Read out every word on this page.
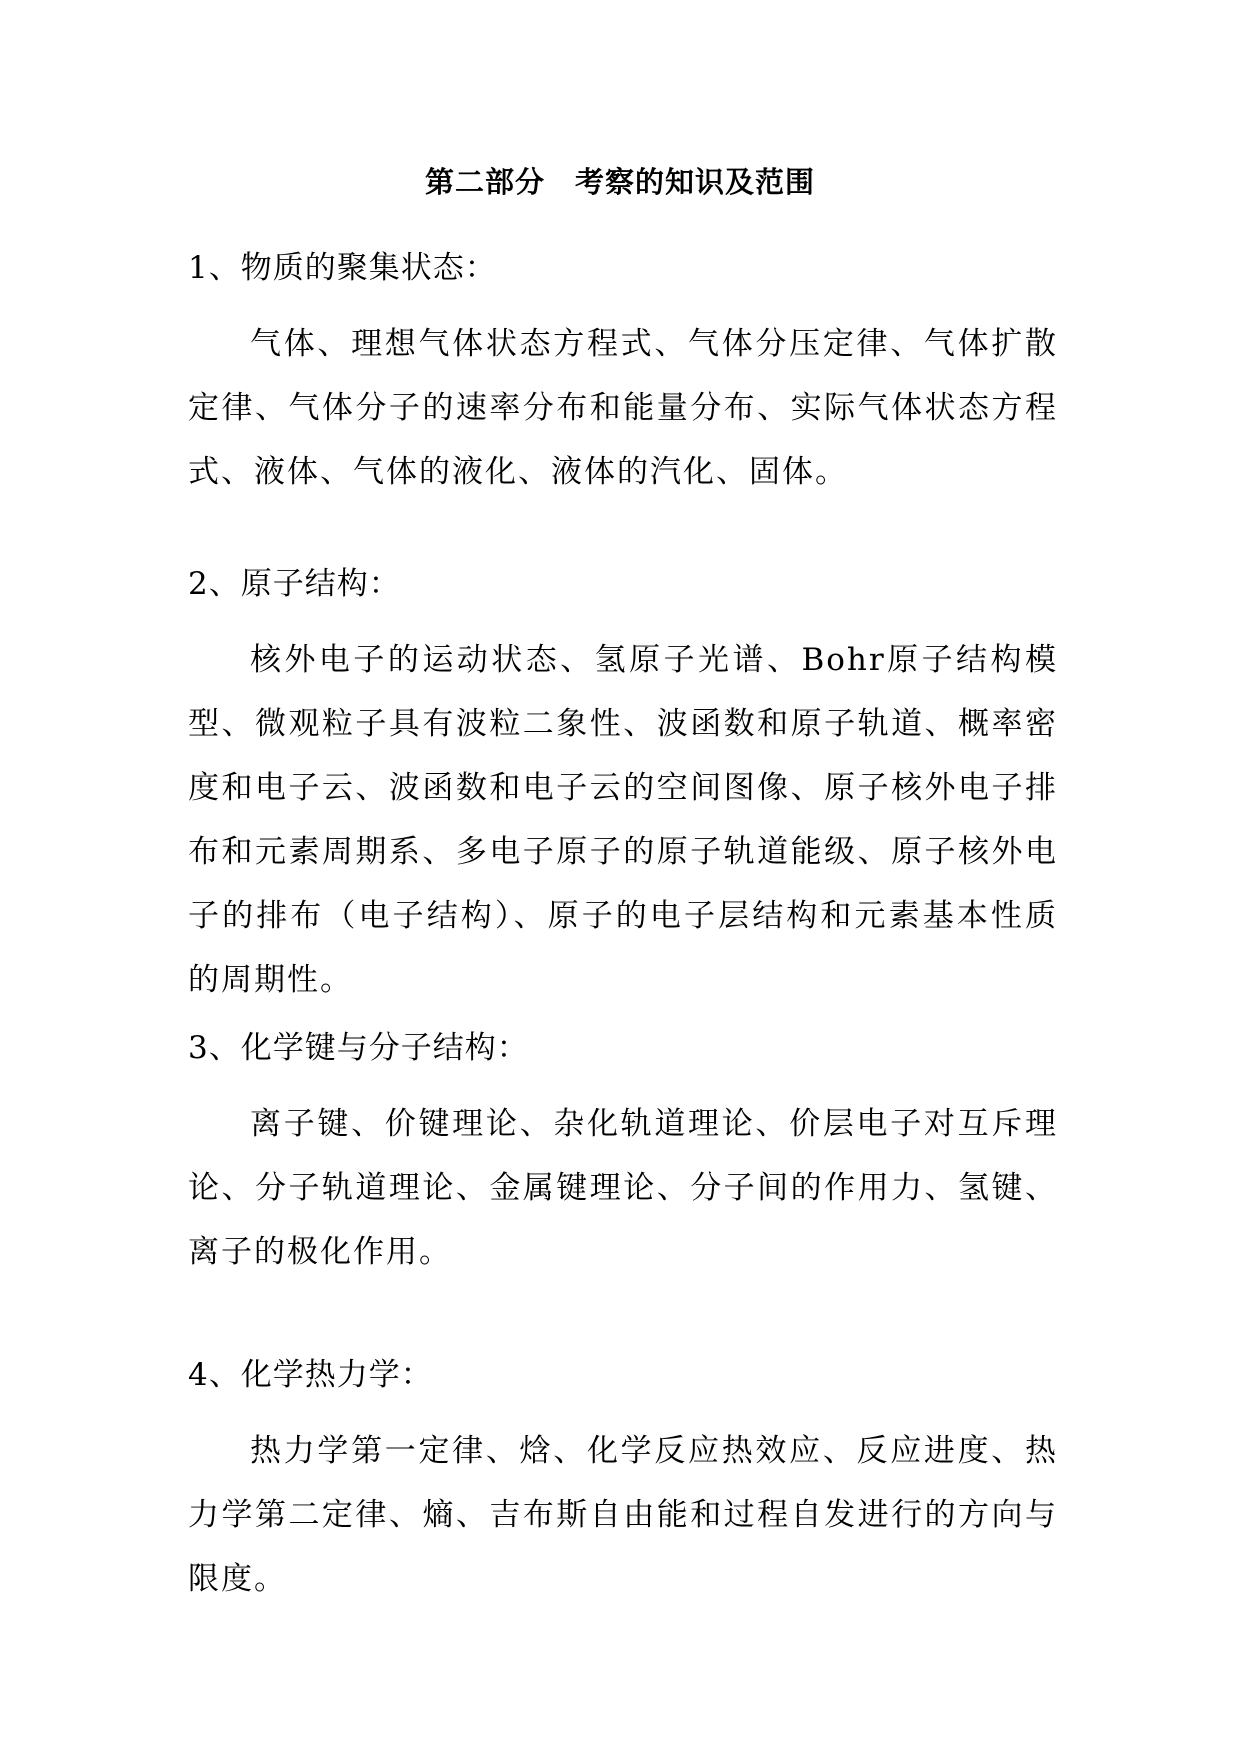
第二部分　考察的知识及范围

1、物质的聚集状态：

气体、理想气体状态方程式、气体分压定律、气体扩散定律、气体分子的速率分布和能量分布、实际气体状态方程式、液体、气体的液化、液体的汽化、固体。

2、原子结构：

核外电子的运动状态、氢原子光谱、Bohr原子结构模型、微观粒子具有波粒二象性、波函数和原子轨道、概率密度和电子云、波函数和电子云的空间图像、原子核外电子排布和元素周期系、多电子原子的原子轨道能级、原子核外电子的排布（电子结构）、原子的电子层结构和元素基本性质的周期性。

3、化学键与分子结构：

离子键、价键理论、杂化轨道理论、价层电子对互斥理论、分子轨道理论、金属键理论、分子间的作用力、氢键、离子的极化作用。

4、化学热力学：

热力学第一定律、焓、化学反应热效应、反应进度、热力学第二定律、熵、吉布斯自由能和过程自发进行的方向与限度。
